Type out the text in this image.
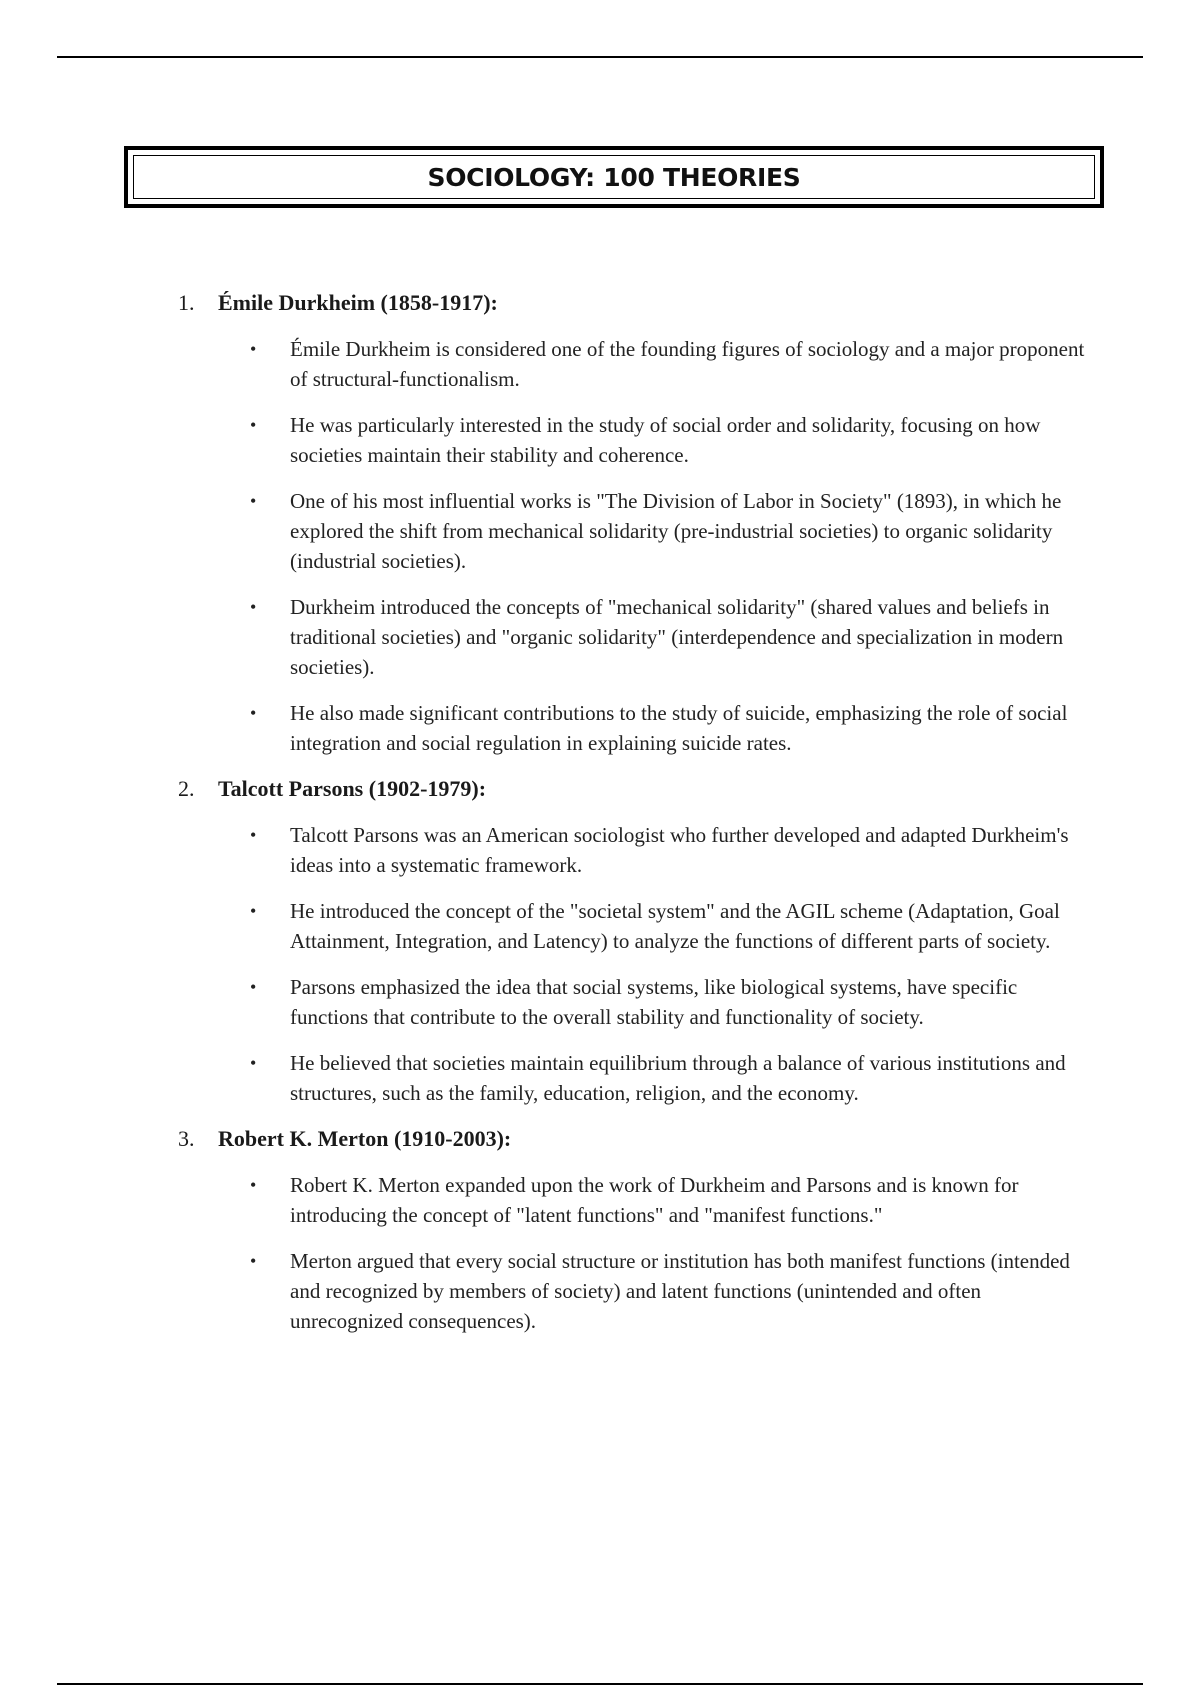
SOCIOLOGY: 100 THEORIES

1.	Émile Durkheim (1858-1917):

• Émile Durkheim is considered one of the founding figures of sociology and a major proponent of structural-functionalism.
• He was particularly interested in the study of social order and solidarity, focusing on how societies maintain their stability and coherence.
• One of his most influential works is "The Division of Labor in Society" (1893), in which he explored the shift from mechanical solidarity (pre-industrial societies) to organic solidarity (industrial societies).
• Durkheim introduced the concepts of "mechanical solidarity" (shared values and beliefs in traditional societies) and "organic solidarity" (interdependence and specialization in modern societies).
• He also made significant contributions to the study of suicide, emphasizing the role of social integration and social regulation in explaining suicide rates.

2.	Talcott Parsons (1902-1979):

• Talcott Parsons was an American sociologist who further developed and adapted Durkheim's ideas into a systematic framework.
• He introduced the concept of the "societal system" and the AGIL scheme (Adaptation, Goal Attainment, Integration, and Latency) to analyze the functions of different parts of society.
• Parsons emphasized the idea that social systems, like biological systems, have specific functions that contribute to the overall stability and functionality of society.
• He believed that societies maintain equilibrium through a balance of various institutions and structures, such as the family, education, religion, and the economy.

3.	Robert K. Merton (1910-2003):

• Robert K. Merton expanded upon the work of Durkheim and Parsons and is known for introducing the concept of "latent functions" and "manifest functions."
• Merton argued that every social structure or institution has both manifest functions (intended and recognized by members of society) and latent functions (unintended and often unrecognized consequences).
